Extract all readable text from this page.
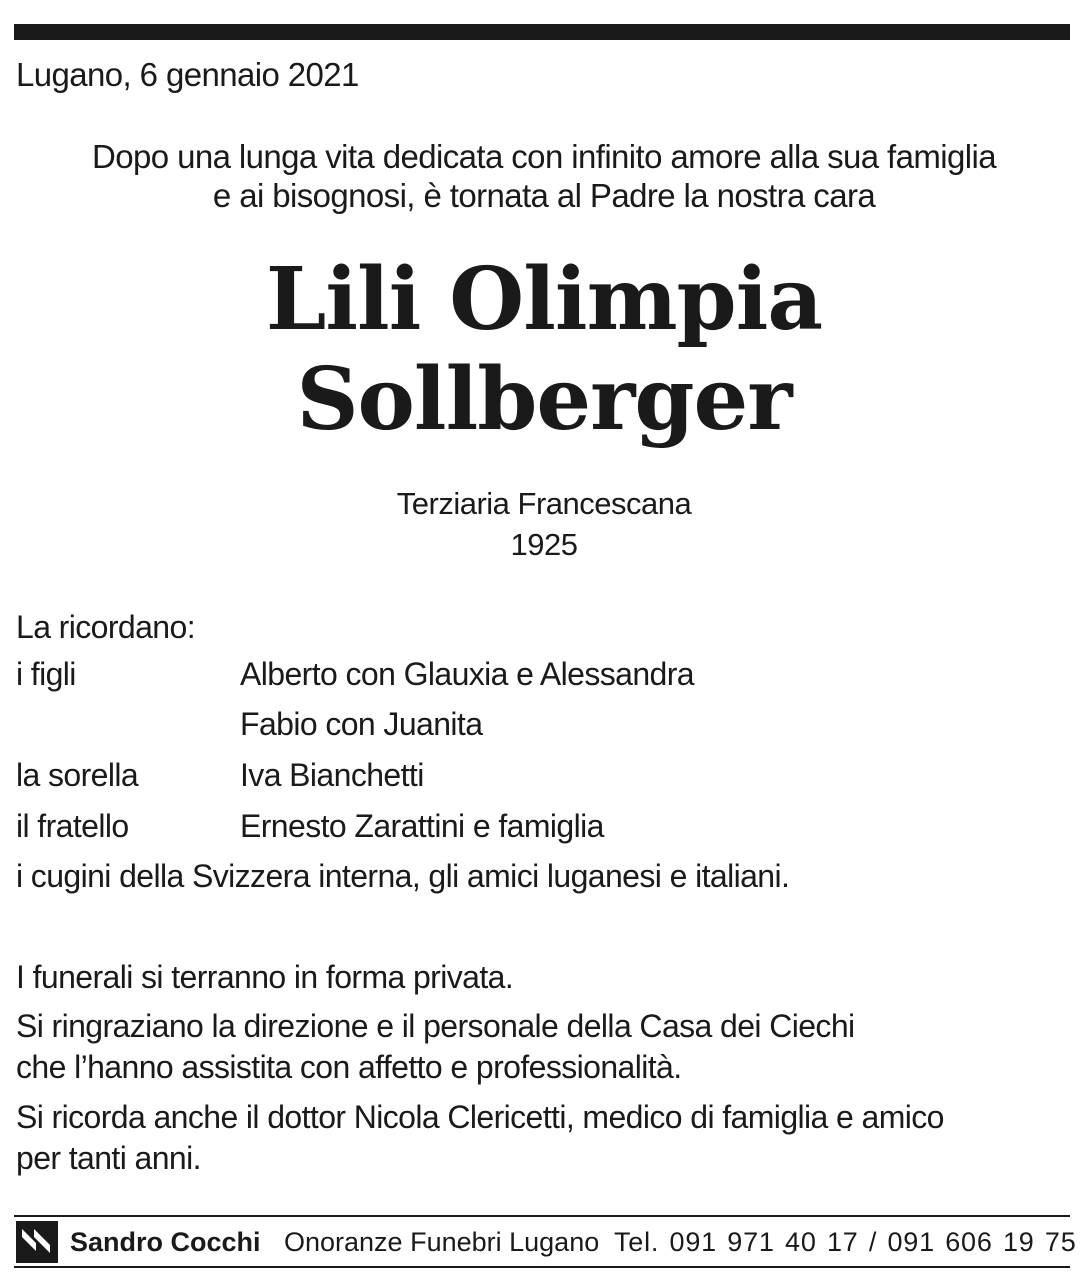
Lugano, 6 gennaio 2021
Dopo una lunga vita dedicata con infinito amore alla sua famiglia
e ai bisognosi, è tornata al Padre la nostra cara
Lili Olimpia
Sollberger
Terziaria Francescana
1925
La ricordano:
i figli	Alberto con Glauxia e Alessandra
Fabio con Juanita
la sorella	Iva Bianchetti
il fratello	Ernesto Zarattini e famiglia
i cugini della Svizzera interna, gli amici luganesi e italiani.
I funerali si terranno in forma privata.
Si ringraziano la direzione e il personale della Casa dei Ciechi
che l’hanno assistita con affetto e professionalità.
Si ricorda anche il dottor Nicola Clericetti, medico di famiglia e amico
per tanti anni.
Sandro Cocchi Onoranze Funebri Lugano Tel. 091 971 40 17 / 091 606 19 75
